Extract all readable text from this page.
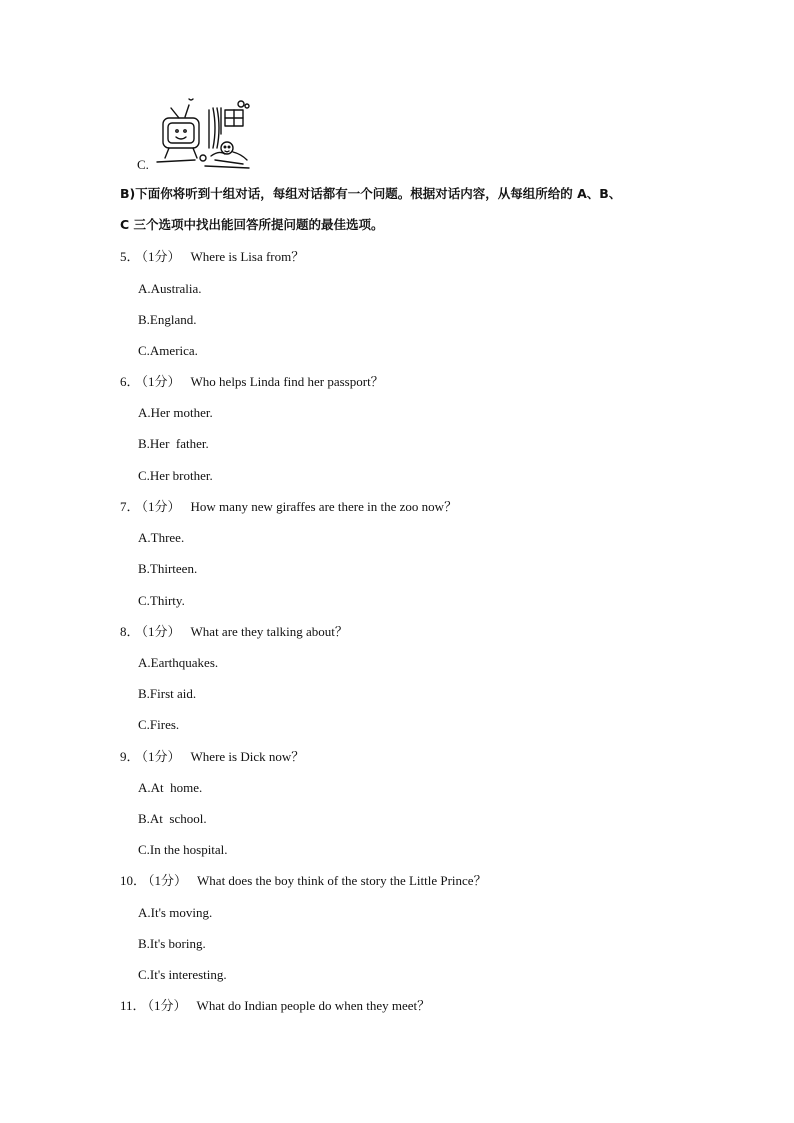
C.
B)下面你将听到十组对话，每组对话都有一个问题。根据对话内容，从每组所给的 A、B、
C 三个选项中找出能回答所提问题的最佳选项。
5． （1分） Where is Lisa from？
A.Australia.
B.England.
C.America.
6． （1分） Who helps Linda find her passport？
A.Her mother.
B.Her  father.
C.Her brother.
7． （1分） How many new giraffes are there in the zoo now？
A.Three.
B.Thirteen.
C.Thirty.
8． （1分） What are they talking about？
A.Earthquakes.
B.First aid.
C.Fires.
9． （1分） Where is Dick now？
A.At  home.
B.At  school.
C.In the hospital.
10． （1分） What does the boy think of the story the Little Prince？
A.It's moving.
B.It's boring.
C.It's interesting.
11． （1分） What do Indian people do when they meet？
